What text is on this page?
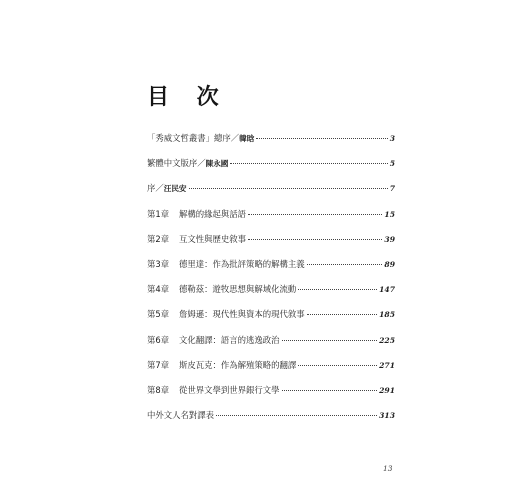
目 次
「秀威文哲叢書」總序／ 韓晗	3
繁體中文版序／ 陳永國	5
序／ 汪民安	7
第1章	解構的緣起與話語	15
第2章	互文性與歷史敘事	39
第3章	德里達：作為批評策略的解構主義	89
第4章	德勒茲：遊牧思想與解域化流動	147
第5章	詹姆遜：現代性與資本的現代敘事	185
第6章	文化翻譯：語言的逃逸政治	225
第7章	斯皮瓦克：作為解殖策略的翻譯	271
第8章	從世界文學到世界銀行文學	291
中外文人名對譯表	313
13
